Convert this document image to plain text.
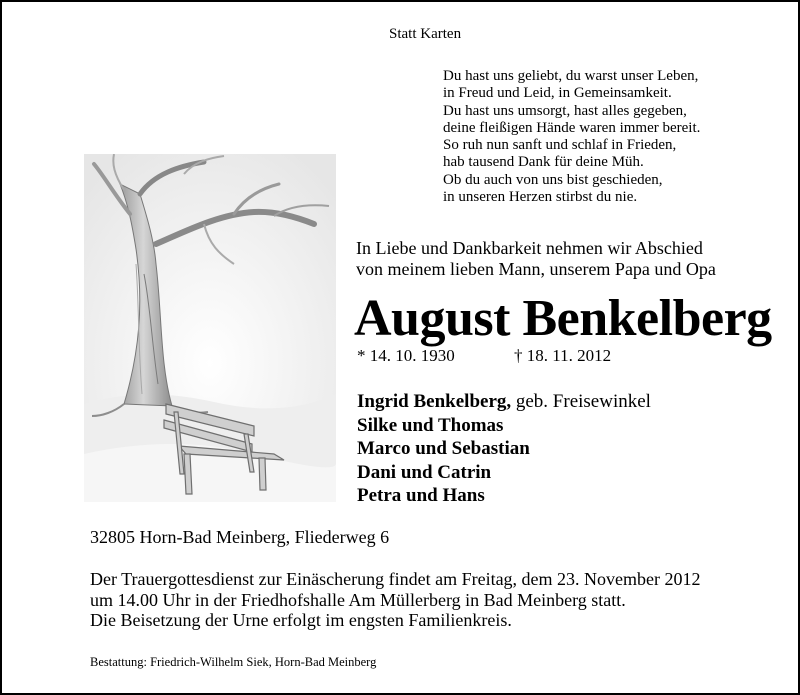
Statt Karten
Du hast uns geliebt, du warst unser Leben,
in Freud und Leid, in Gemeinsamkeit.
Du hast uns umsorgt, hast alles gegeben,
deine fleißigen Hände waren immer bereit.
So ruh nun sanft und schlaf in Frieden,
hab tausend Dank für deine Müh.
Ob du auch von uns bist geschieden,
in unseren Herzen stirbst du nie.
In Liebe und Dankbarkeit nehmen wir Abschied
von meinem lieben Mann, unserem Papa und Opa
August Benkelberg
* 14. 10. 1930	† 18. 11. 2012
Ingrid Benkelberg, geb. Freisewinkel
Silke und Thomas
Marco und Sebastian
Dani und Catrin
Petra und Hans
32805 Horn-Bad Meinberg, Fliederweg 6
Der Trauergottesdienst zur Einäscherung findet am Freitag, dem 23. November 2012
um 14.00 Uhr in der Friedhofshalle Am Müllerberg in Bad Meinberg statt.
Die Beisetzung der Urne erfolgt im engsten Familienkreis.
Bestattung: Friedrich-Wilhelm Siek, Horn-Bad Meinberg
